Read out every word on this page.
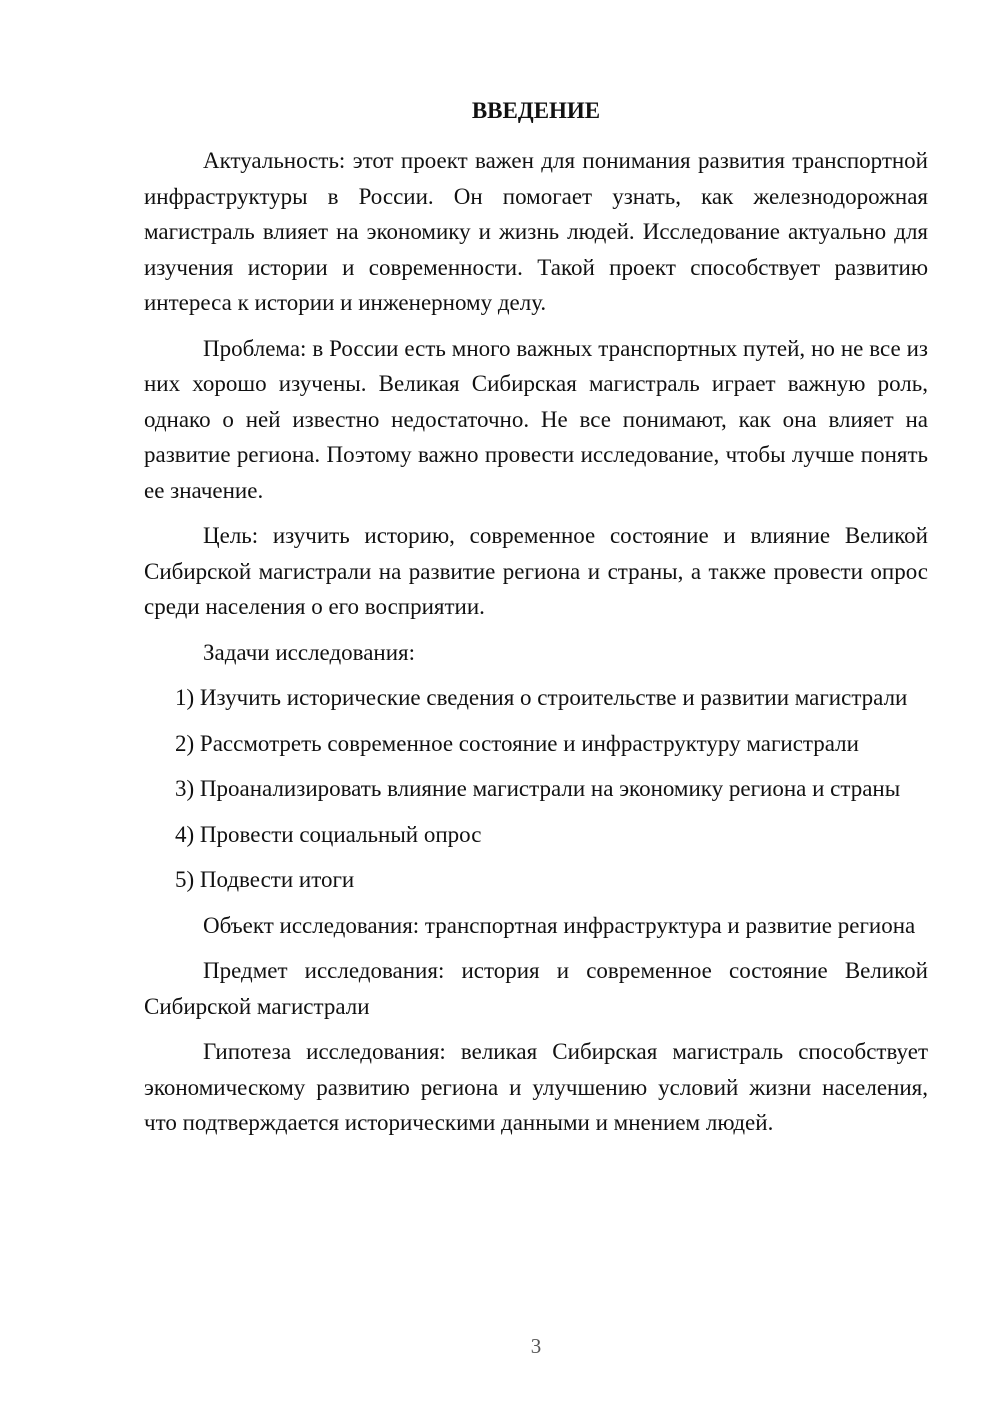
ВВЕДЕНИЕ

Актуальность: этот проект важен для понимания развития транспортной инфраструктуры в России. Он помогает узнать, как железнодорожная магистраль влияет на экономику и жизнь людей. Исследование актуально для изучения истории и современности. Такой проект способствует развитию интереса к истории и инженерному делу.

Проблема: в России есть много важных транспортных путей, но не все из них хорошо изучены. Великая Сибирская магистраль играет важную роль, однако о ней известно недостаточно. Не все понимают, как она влияет на развитие региона. Поэтому важно провести исследование, чтобы лучше понять ее значение.

Цель: изучить историю, современное состояние и влияние Великой Сибирской магистрали на развитие региона и страны, а также провести опрос среди населения о его восприятии.

Задачи исследования:

1) Изучить исторические сведения о строительстве и развитии магистрали

2) Рассмотреть современное состояние и инфраструктуру магистрали

3) Проанализировать влияние магистрали на экономику региона и страны

4) Провести социальный опрос

5) Подвести итоги

Объект исследования: транспортная инфраструктура и развитие региона

Предмет исследования: история и современное состояние Великой Сибирской магистрали

Гипотеза исследования: великая Сибирская магистраль способствует экономическому развитию региона и улучшению условий жизни населения, что подтверждается историческими данными и мнением людей.

3
